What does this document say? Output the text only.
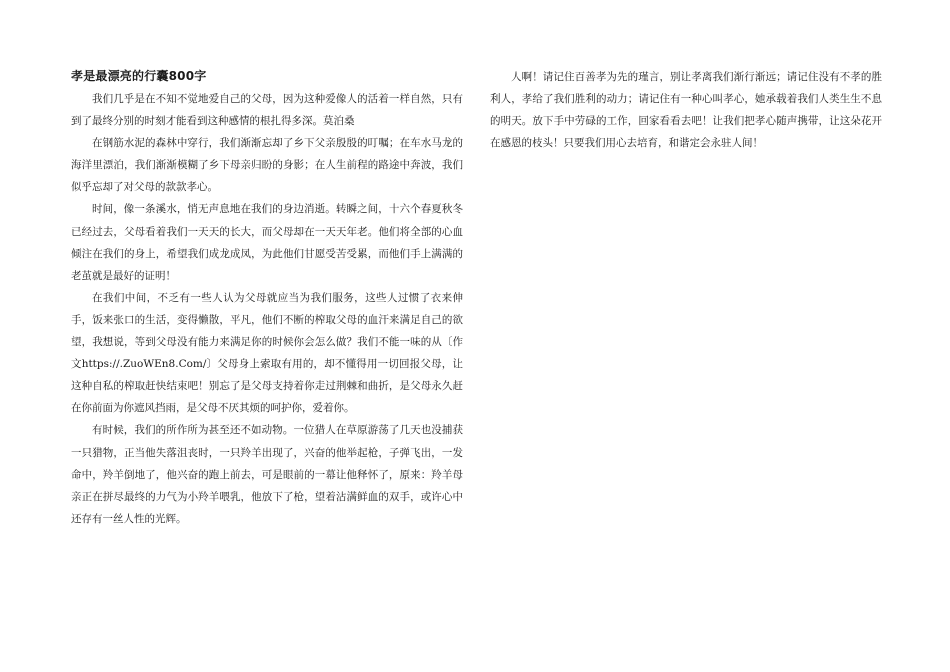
孝是最漂亮的行囊800字

我们几乎是在不知不觉地爱自己的父母，因为这种爱像人的活着一样自然，只有到了最终分别的时刻才能看到这种感情的根扎得多深。莫泊桑

在钢筋水泥的森林中穿行，我们渐渐忘却了乡下父亲殷殷的叮嘱；在车水马龙的海洋里漂泊，我们渐渐模糊了乡下母亲归盼的身影；在人生前程的路途中奔波，我们似乎忘却了对父母的款款孝心。

时间，像一条溪水，悄无声息地在我们的身边消逝。转瞬之间，十六个春夏秋冬已经过去，父母看着我们一天天的长大，而父母却在一天天年老。他们将全部的心血倾注在我们的身上，希望我们成龙成凤，为此他们甘愿受苦受累，而他们手上满满的老茧就是最好的证明！

在我们中间，不乏有一些人认为父母就应当为我们服务，这些人过惯了衣来伸手，饭来张口的生活，变得懒散，平凡，他们不断的榨取父母的血汗来满足自己的欲望，我想说，等到父母没有能力来满足你的时候你会怎么做？我们不能一味的从〔作文https://.ZuoWEn8.Com/〕父母身上索取有用的，却不懂得用一切回报父母，让这种自私的榨取赶快结束吧！别忘了是父母支持着你走过荆棘和曲折，是父母永久赶在你前面为你遮风挡雨，是父母不厌其烦的呵护你，爱着你。

有时候，我们的所作所为甚至还不如动物。一位猎人在草原游荡了几天也没捕获一只猎物，正当他失落沮丧时，一只羚羊出现了，兴奋的他举起枪，子弹飞出，一发命中，羚羊倒地了，他兴奋的跑上前去，可是眼前的一幕让他释怀了，原来：羚羊母亲正在拼尽最终的力气为小羚羊喂乳，他放下了枪，望着沾满鲜血的双手，或许心中还存有一丝人性的光辉。

人啊！请记住百善孝为先的瑾言，别让孝离我们渐行渐远；请记住没有不孝的胜利人，孝给了我们胜利的动力；请记住有一种心叫孝心，她承载着我们人类生生不息的明天。放下手中劳碌的工作，回家看看去吧！让我们把孝心随声携带，让这朵花开在感恩的枝头！只要我们用心去培育，和谐定会永驻人间！
